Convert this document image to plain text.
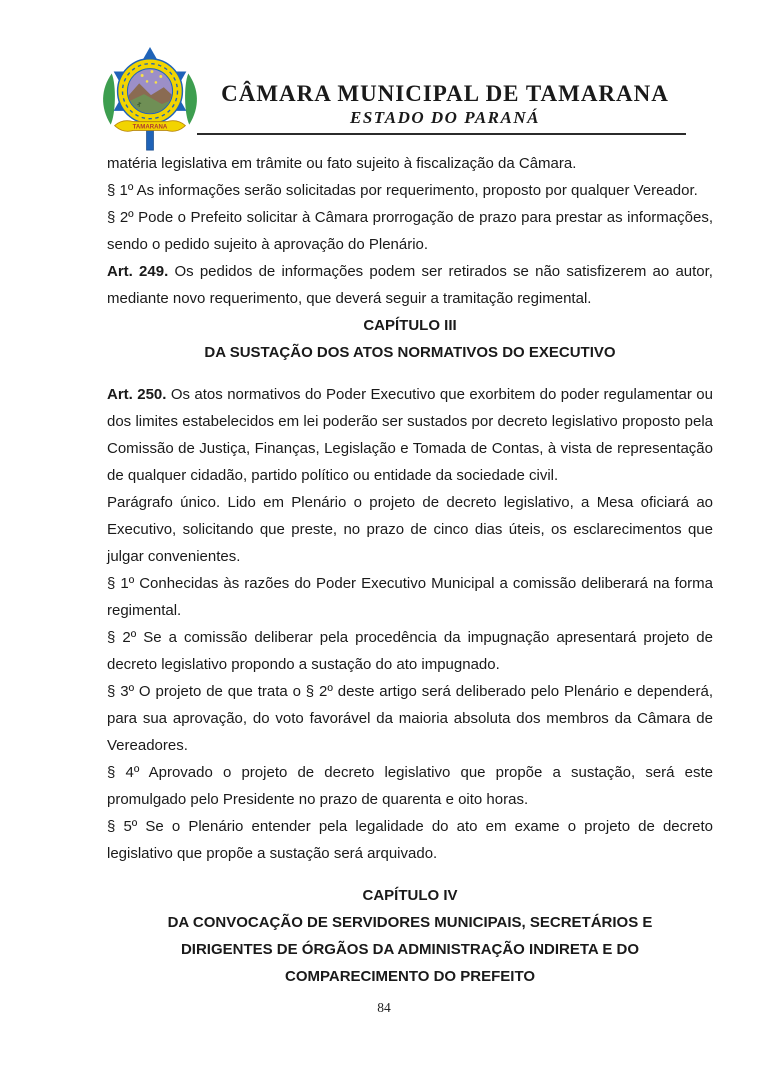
TAMARANA
CÂMARA MUNICIPAL DE TAMARANA
ESTADO DO PARANÁ

matéria legislativa em trâmite ou fato sujeito à fiscalização da Câmara.

§ 1º As informações serão solicitadas por requerimento, proposto por qualquer Vereador.

§ 2º Pode o Prefeito solicitar à Câmara prorrogação de prazo para prestar as informações, sendo o pedido sujeito à aprovação do Plenário.

Art. 249. Os pedidos de informações podem ser retirados se não satisfizerem ao autor, mediante novo requerimento, que deverá seguir a tramitação regimental.

CAPÍTULO III
DA SUSTAÇÃO DOS ATOS NORMATIVOS DO EXECUTIVO

Art. 250. Os atos normativos do Poder Executivo que exorbitem do poder regulamentar ou dos limites estabelecidos em lei poderão ser sustados por decreto legislativo proposto pela Comissão de Justiça, Finanças, Legislação e Tomada de Contas, à vista de representação de qualquer cidadão, partido político ou entidade da sociedade civil.

Parágrafo único. Lido em Plenário o projeto de decreto legislativo, a Mesa oficiará ao Executivo, solicitando que preste, no prazo de cinco dias úteis, os esclarecimentos que julgar convenientes.

§ 1º Conhecidas às razões do Poder Executivo Municipal a comissão deliberará na forma regimental.

§ 2º Se a comissão deliberar pela procedência da impugnação apresentará projeto de decreto legislativo propondo a sustação do ato impugnado.

§ 3º O projeto de que trata o § 2º deste artigo será deliberado pelo Plenário e dependerá, para sua aprovação, do voto favorável da maioria absoluta dos membros da Câmara de Vereadores.

§ 4º Aprovado o projeto de decreto legislativo que propõe a sustação, será este promulgado pelo Presidente no prazo de quarenta e oito horas.

§ 5º Se o Plenário entender pela legalidade do ato em exame o projeto de decreto legislativo que propõe a sustação será arquivado.

CAPÍTULO IV
DA CONVOCAÇÃO DE SERVIDORES MUNICIPAIS, SECRETÁRIOS E
DIRIGENTES DE ÓRGÃOS DA ADMINISTRAÇÃO INDIRETA E DO
COMPARECIMENTO DO PREFEITO
84
